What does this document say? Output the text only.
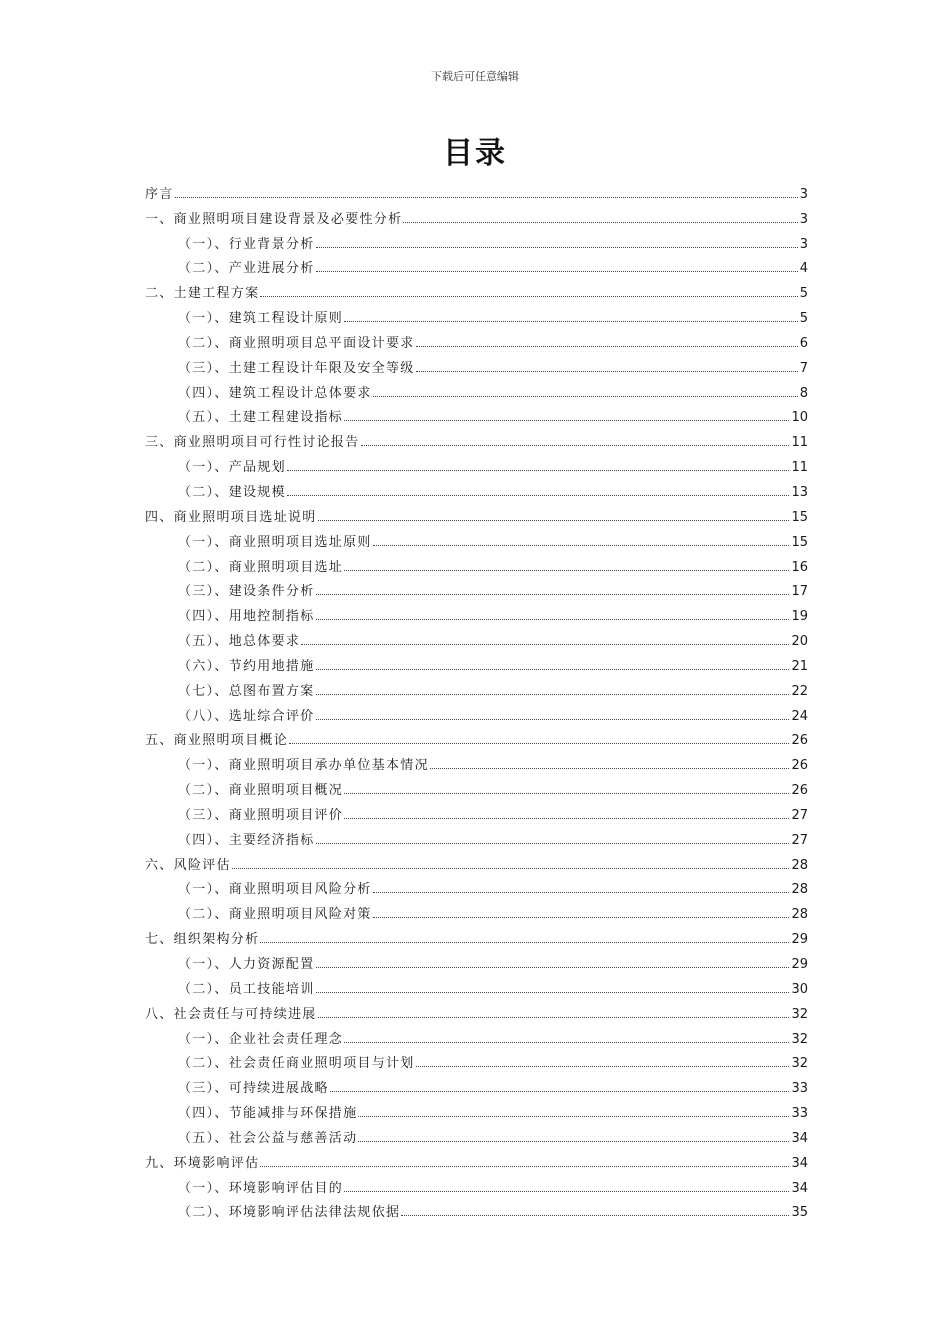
下载后可任意编辑
目录
序言	3
一、商业照明项目建设背景及必要性分析	3
（一）、行业背景分析	3
（二）、产业进展分析	4
二、土建工程方案	5
（一）、建筑工程设计原则	5
（二）、商业照明项目总平面设计要求	6
（三）、土建工程设计年限及安全等级	7
（四）、建筑工程设计总体要求	8
（五）、土建工程建设指标	10
三、商业照明项目可行性讨论报告	11
（一）、产品规划	11
（二）、建设规模	13
四、商业照明项目选址说明	15
（一）、商业照明项目选址原则	15
（二）、商业照明项目选址	16
（三）、建设条件分析	17
（四）、用地控制指标	19
（五）、地总体要求	20
（六）、节约用地措施	21
（七）、总图布置方案	22
（八）、选址综合评价	24
五、商业照明项目概论	26
（一）、商业照明项目承办单位基本情况	26
（二）、商业照明项目概况	26
（三）、商业照明项目评价	27
（四）、主要经济指标	27
六、风险评估	28
（一）、商业照明项目风险分析	28
（二）、商业照明项目风险对策	28
七、组织架构分析	29
（一）、人力资源配置	29
（二）、员工技能培训	30
八、社会责任与可持续进展	32
（一）、企业社会责任理念	32
（二）、社会责任商业照明项目与计划	32
（三）、可持续进展战略	33
（四）、节能减排与环保措施	33
（五）、社会公益与慈善活动	34
九、环境影响评估	34
（一）、环境影响评估目的	34
（二）、环境影响评估法律法规依据	35
